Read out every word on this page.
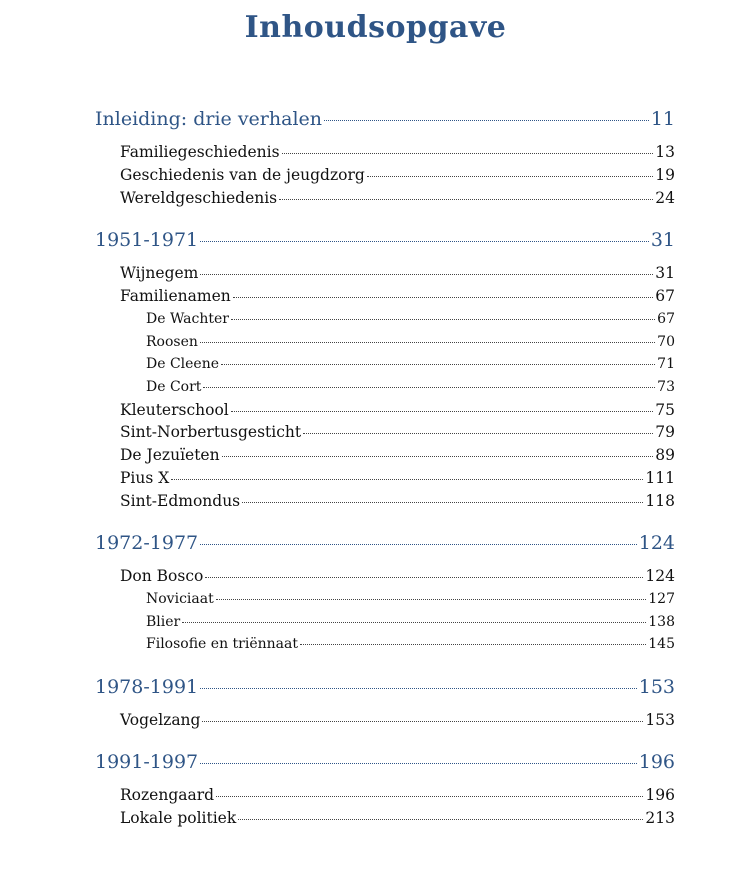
Inhoudsopgave
Inleiding: drie verhalen	11
Familiegeschiedenis	13
Geschiedenis van de jeugdzorg	19
Wereldgeschiedenis	24
1951-1971	31
Wijnegem	31
Familienamen	67
De Wachter	67
Roosen	70
De Cleene	71
De Cort	73
Kleuterschool	75
Sint-Norbertusgesticht	79
De Jezuïeten	89
Pius X	111
Sint-Edmondus	118
1972-1977	124
Don Bosco	124
Noviciaat	127
Blier	138
Filosofie en triënnaat	145
1978-1991	153
Vogelzang	153
1991-1997	196
Rozengaard	196
Lokale politiek	213
